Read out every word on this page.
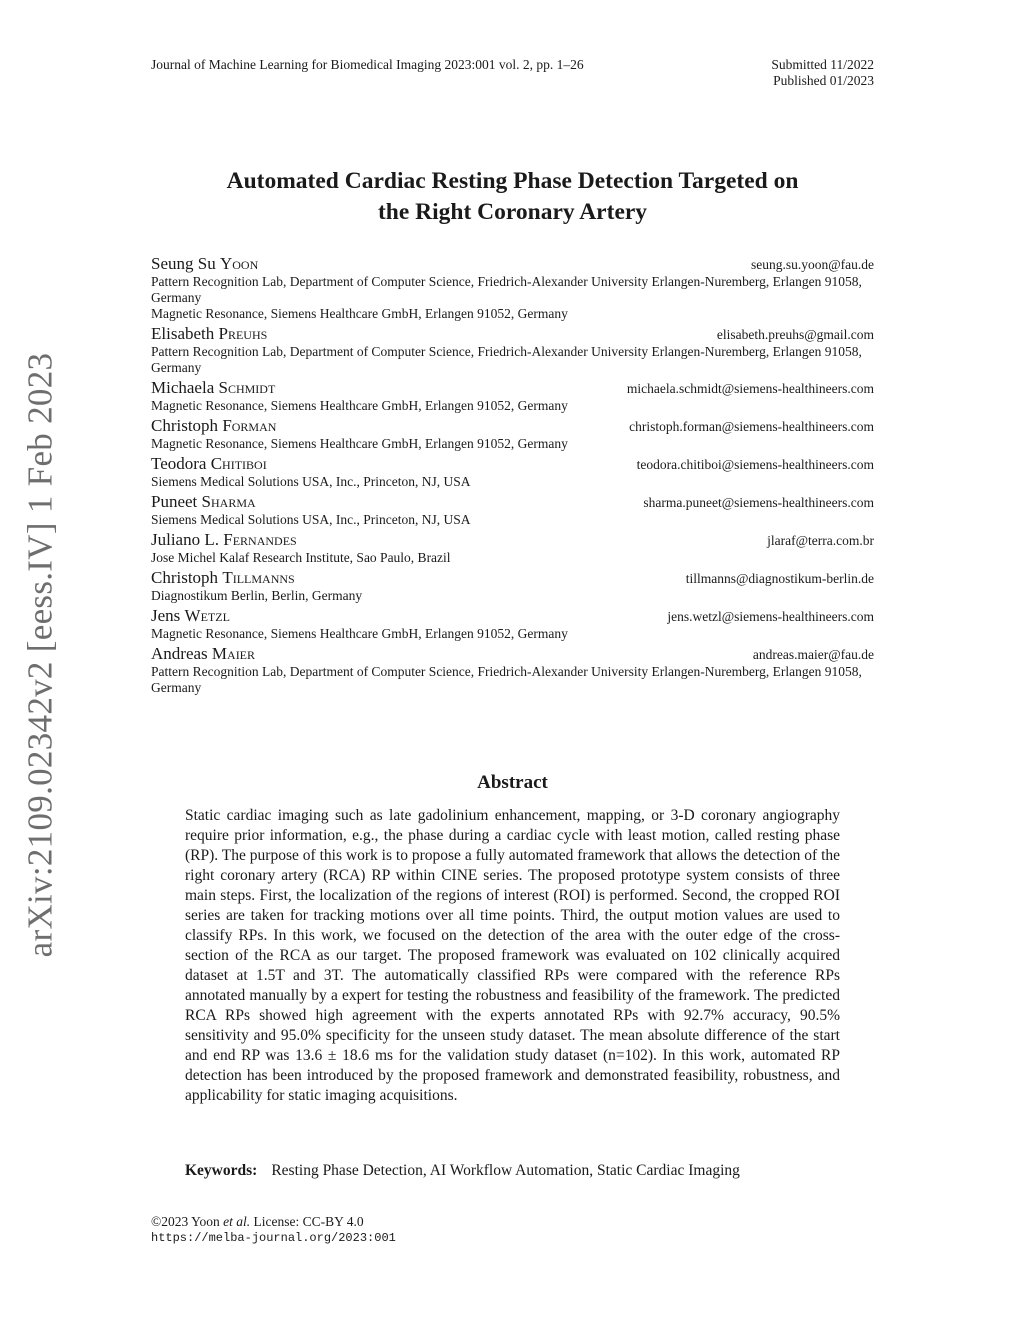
arXiv:2109.02342v2 [eess.IV] 1 Feb 2023
Journal of Machine Learning for Biomedical Imaging 2023:001 vol. 2, pp. 1–26	Submitted 11/2022
Published 01/2023
Automated Cardiac Resting Phase Detection Targeted on
the Right Coronary Artery
Seung Su Yoon	seung.su.yoon@fau.de
Pattern Recognition Lab, Department of Computer Science, Friedrich-Alexander University Erlangen-Nuremberg, Erlangen 91058, Germany
Magnetic Resonance, Siemens Healthcare GmbH, Erlangen 91052, Germany
Elisabeth Preuhs	elisabeth.preuhs@gmail.com
Pattern Recognition Lab, Department of Computer Science, Friedrich-Alexander University Erlangen-Nuremberg, Erlangen 91058, Germany
Michaela Schmidt	michaela.schmidt@siemens-healthineers.com
Magnetic Resonance, Siemens Healthcare GmbH, Erlangen 91052, Germany
Christoph Forman	christoph.forman@siemens-healthineers.com
Magnetic Resonance, Siemens Healthcare GmbH, Erlangen 91052, Germany
Teodora Chitiboi	teodora.chitiboi@siemens-healthineers.com
Siemens Medical Solutions USA, Inc., Princeton, NJ, USA
Puneet Sharma	sharma.puneet@siemens-healthineers.com
Siemens Medical Solutions USA, Inc., Princeton, NJ, USA
Juliano L. Fernandes	jlaraf@terra.com.br
Jose Michel Kalaf Research Institute, Sao Paulo, Brazil
Christoph Tillmanns	tillmanns@diagnostikum-berlin.de
Diagnostikum Berlin, Berlin, Germany
Jens Wetzl	jens.wetzl@siemens-healthineers.com
Magnetic Resonance, Siemens Healthcare GmbH, Erlangen 91052, Germany
Andreas Maier	andreas.maier@fau.de
Pattern Recognition Lab, Department of Computer Science, Friedrich-Alexander University Erlangen-Nuremberg, Erlangen 91058, Germany
Abstract
Static cardiac imaging such as late gadolinium enhancement, mapping, or 3-D coronary angiography require prior information, e.g., the phase during a cardiac cycle with least motion, called resting phase (RP). The purpose of this work is to propose a fully automated framework that allows the detection of the right coronary artery (RCA) RP within CINE series. The proposed prototype system consists of three main steps. First, the localization of the regions of interest (ROI) is performed. Second, the cropped ROI series are taken for tracking motions over all time points. Third, the output motion values are used to classify RPs. In this work, we focused on the detection of the area with the outer edge of the cross-section of the RCA as our target. The proposed framework was evaluated on 102 clinically acquired dataset at 1.5T and 3T. The automatically classified RPs were compared with the reference RPs annotated manually by a expert for testing the robustness and feasibility of the framework. The predicted RCA RPs showed high agreement with the experts annotated RPs with 92.7% accuracy, 90.5% sensitivity and 95.0% specificity for the unseen study dataset. The mean absolute difference of the start and end RP was 13.6 ± 18.6 ms for the validation study dataset (n=102). In this work, automated RP detection has been introduced by the proposed framework and demonstrated feasibility, robustness, and applicability for static imaging acquisitions.
Keywords: Resting Phase Detection, AI Workflow Automation, Static Cardiac Imaging
©2023 Yoon et al. License: CC-BY 4.0
https://melba-journal.org/2023:001
